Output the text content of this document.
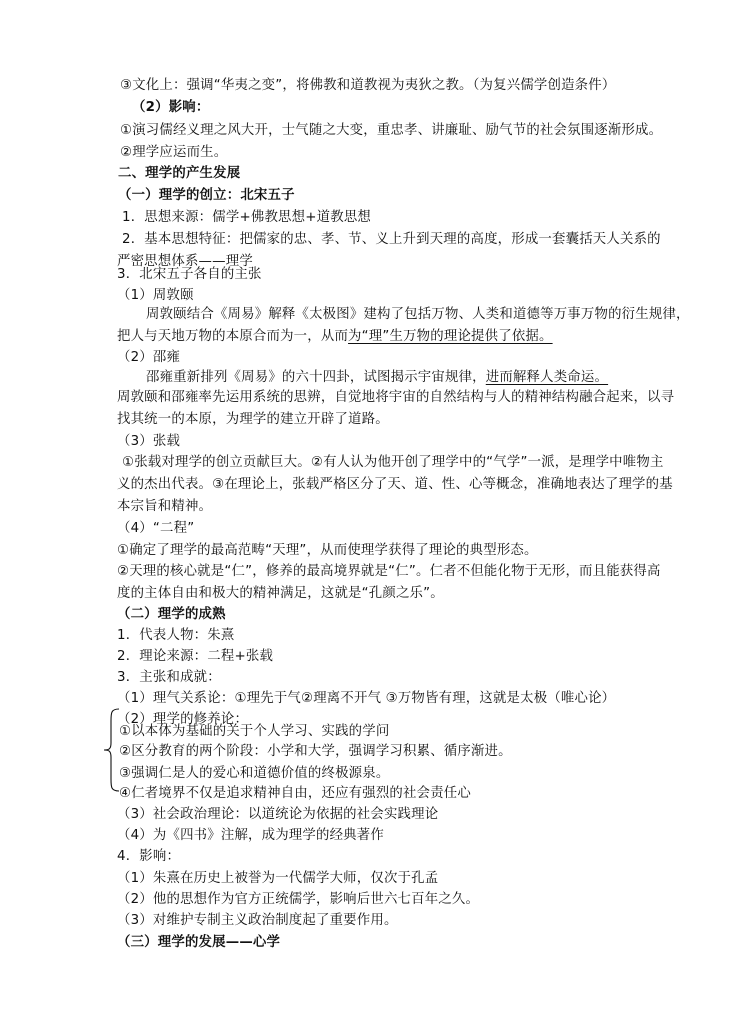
③文化上：强调“华夷之变”，将佛教和道教视为夷狄之教。（为复兴儒学创造条件）
（2）影响：
①演习儒经义理之风大开，士气随之大变，重忠孝、讲廉耻、励气节的社会氛围逐渐形成。
②理学应运而生。
二、理学的产生发展
（一）理学的创立：北宋五子
1．思想来源：儒学+佛教思想+道教思想
2．基本思想特征：把儒家的忠、孝、节、义上升到天理的高度，形成一套囊括天人关系的
严密思想体系——理学
3．北宋五子各自的主张
（1）周敦颐
周敦颐结合《周易》解释《太极图》建构了包括万物、人类和道德等万事万物的衍生规律，
把人与天地万物的本原合而为一，从而为“理”生万物的理论提供了依据。
（2）邵雍
邵雍重新排列《周易》的六十四卦，试图揭示宇宙规律，进而解释人类命运。
周敦颐和邵雍率先运用系统的思辨，自觉地将宇宙的自然结构与人的精神结构融合起来，以寻
找其统一的本原，为理学的建立开辟了道路。
（3）张载
①张载对理学的创立贡献巨大。②有人认为他开创了理学中的“气学”一派，是理学中唯物主
义的杰出代表。③在理论上，张载严格区分了天、道、性、心等概念，准确地表达了理学的基
本宗旨和精神。
（4）“二程”
①确定了理学的最高范畴“天理”，从而使理学获得了理论的典型形态。
②天理的核心就是“仁”，修养的最高境界就是“仁”。仁者不但能化物于无形，而且能获得高
度的主体自由和极大的精神满足，这就是“孔颜之乐”。
（二）理学的成熟
1．代表人物：朱熹
2．理论来源：二程+张载
3．主张和成就：
（1）理气关系论：①理先于气②理离不开气 ③万物皆有理，这就是太极（唯心论）
（2）理学的修养论：
①以本体为基础的关于个人学习、实践的学问
②区分教育的两个阶段：小学和大学，强调学习积累、循序渐进。
③强调仁是人的爱心和道德价值的终极源泉。
④仁者境界不仅是追求精神自由，还应有强烈的社会责任心
（3）社会政治理论：以道统论为依据的社会实践理论
（4）为《四书》注解，成为理学的经典著作
4．影响：
（1）朱熹在历史上被誉为一代儒学大师，仅次于孔孟
（2）他的思想作为官方正统儒学，影响后世六七百年之久。
（3）对维护专制主义政治制度起了重要作用。
（三）理学的发展——心学
